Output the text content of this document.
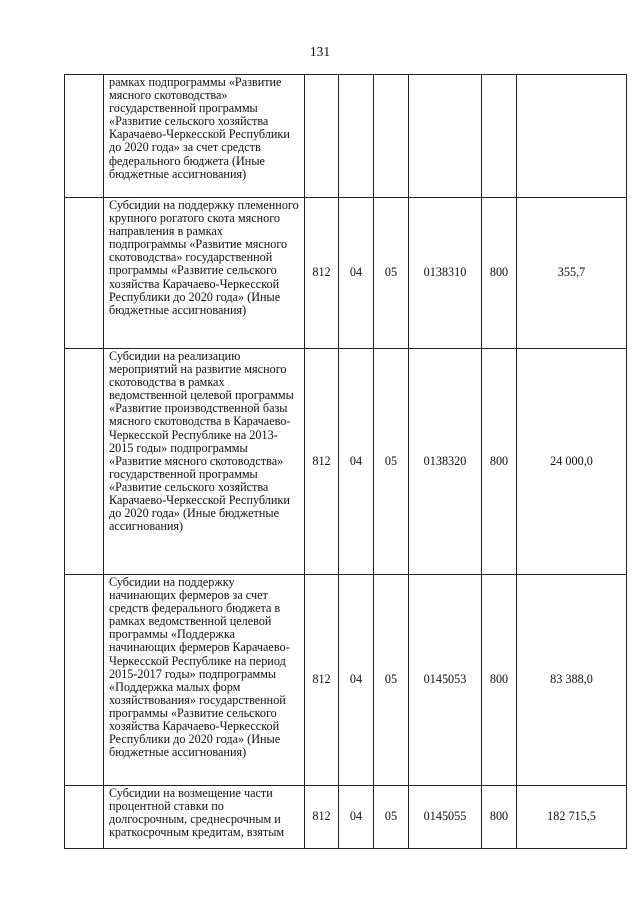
131
	рамках подпрограммы «Развитие мясного скотоводства» государственной программы «Развитие сельского хозяйства Карачаево-Черкесской Республики до 2020 года» за счет средств федерального бюджета (Иные бюджетные ассигнования)						
	Субсидии на поддержку племенного крупного рогатого скота мясного направления в рамках подпрограммы «Развитие мясного скотоводства» государственной программы «Развитие сельского хозяйства Карачаево-Черкесской Республики до 2020 года» (Иные бюджетные ассигнования)	812	04	05	0138310	800	355,7
	Субсидии на реализацию мероприятий на развитие мясного скотоводства в рамках ведомственной целевой программы «Развитие производственной базы мясного скотоводства в Карачаево-Черкесской Республике на 2013-2015 годы» подпрограммы «Развитие мясного скотоводства» государственной программы «Развитие сельского хозяйства Карачаево-Черкесской Республики до 2020 года» (Иные бюджетные ассигнования)	812	04	05	0138320	800	24 000,0
	Субсидии на поддержку начинающих фермеров за счет средств федерального бюджета в рамках ведомственной целевой программы «Поддержка начинающих фермеров Карачаево-Черкесской Республике на период 2015-2017 годы» подпрограммы «Поддержка малых форм хозяйствования» государственной программы «Развитие сельского хозяйства Карачаево-Черкесской Республики до 2020 года» (Иные бюджетные ассигнования)	812	04	05	0145053	800	83 388,0
	Субсидии на возмещение части процентной ставки по долгосрочным, среднесрочным и краткосрочным кредитам, взятым	812	04	05	0145055	800	182 715,5
